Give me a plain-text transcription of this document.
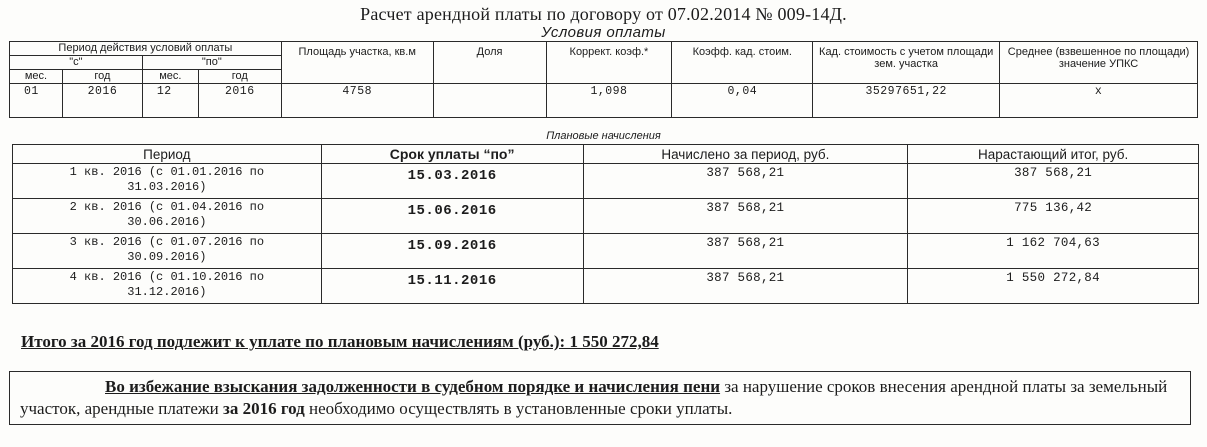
Расчет арендной платы по договору от 07.02.2014 № 009-14Д.
Условия оплаты
Период действия условий оплаты				Площадь участка, кв.м	Доля	Коррект. коэф.*	Коэфф. кад. стоим.	Кад. стоимость с учетом площади зем. участка	Среднее (взвешенное по площади) значение УПКС
"с"		"по"							
мес.	год	мес.	год						
01	2016	12	2016	4758		1,098	0,04	35297651,22	x
Плановые начисления
Период	Срок уплаты “по”	Начислено за период, руб.	Нарастающий итог, руб.

1 кв. 2016 (с 01.01.2016 по
31.03.2016)	15.03.2016	387 568,21	387 568,21

2 кв. 2016 (с 01.04.2016 по
30.06.2016)	15.06.2016	387 568,21	775 136,42

3 кв. 2016 (с 01.07.2016 по
30.09.2016)	15.09.2016	387 568,21	1 162 704,63

4 кв. 2016 (с 01.10.2016 по
31.12.2016)	15.11.2016	387 568,21	1 550 272,84
Итого за 2016 год подлежит к уплате по плановым начислениям (руб.): 1 550 272,84
Во избежание взыскания задолженности в судебном порядке и начисления пени за нарушение сроков внесения арендной платы за земельный участок, арендные платежи за 2016 год необходимо осуществлять в установленные сроки уплаты.
